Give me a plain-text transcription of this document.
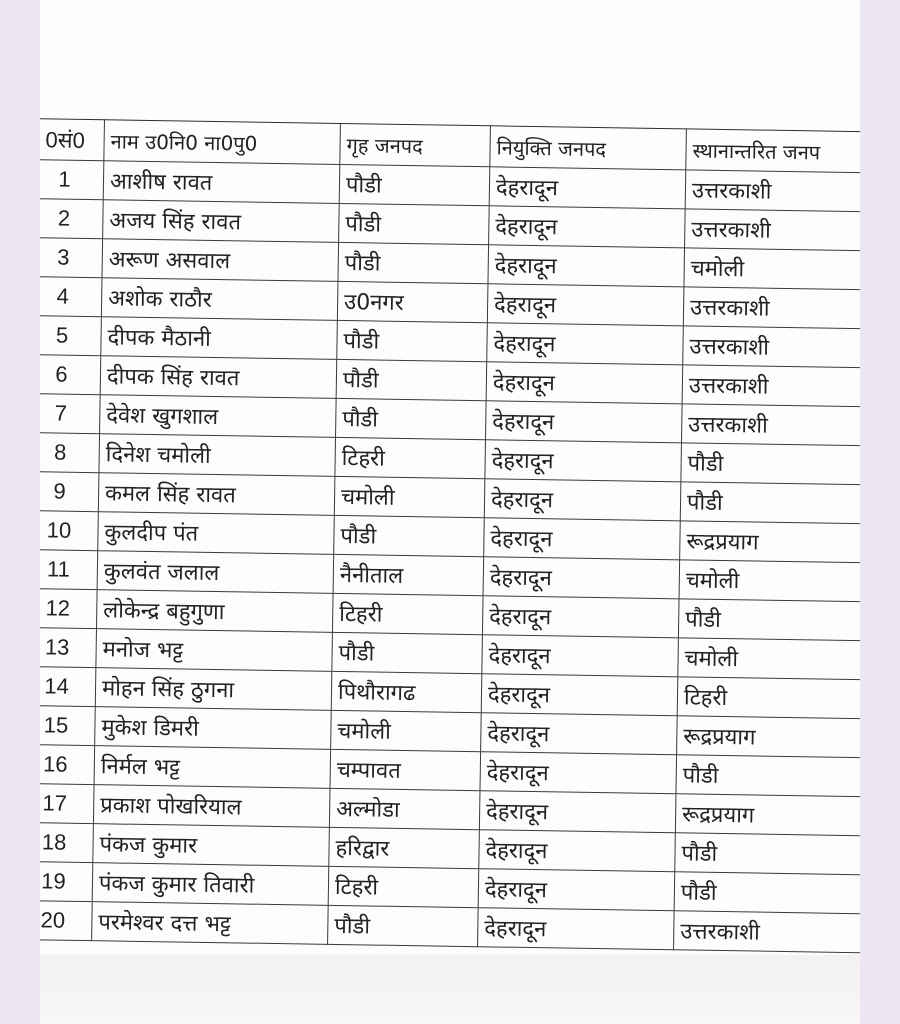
0सं0	नाम उ0नि0 ना0पु0	गृह जनपद	नियुक्ति जनपद	स्थानान्तरित जनप
1	आशीष रावत	पौडी	देहरादून	उत्तरकाशी
2	अजय सिंह रावत	पौडी	देहरादून	उत्तरकाशी
3	अरूण असवाल	पौडी	देहरादून	चमोली
4	अशोक राठौर	उ0नगर	देहरादून	उत्तरकाशी
5	दीपक मैठानी	पौडी	देहरादून	उत्तरकाशी
6	दीपक सिंह रावत	पौडी	देहरादून	उत्तरकाशी
7	देवेश खुगशाल	पौडी	देहरादून	उत्तरकाशी
8	दिनेश चमोली	टिहरी	देहरादून	पौडी
9	कमल सिंह रावत	चमोली	देहरादून	पौडी
10	कुलदीप पंत	पौडी	देहरादून	रूद्रप्रयाग
11	कुलवंत जलाल	नैनीताल	देहरादून	चमोली
12	लोकेन्द्र बहुगुणा	टिहरी	देहरादून	पौडी
13	मनोज भट्ट	पौडी	देहरादून	चमोली
14	मोहन सिंह ठुगना	पिथौरागढ	देहरादून	टिहरी
15	मुकेश डिमरी	चमोली	देहरादून	रूद्रप्रयाग
16	निर्मल भट्ट	चम्पावत	देहरादून	पौडी
17	प्रकाश पोखरियाल	अल्मोडा	देहरादून	रूद्रप्रयाग
18	पंकज कुमार	हरिद्वार	देहरादून	पौडी
19	पंकज कुमार तिवारी	टिहरी	देहरादून	पौडी
20	परमेश्वर दत्त भट्ट	पौडी	देहरादून	उत्तरकाशी
